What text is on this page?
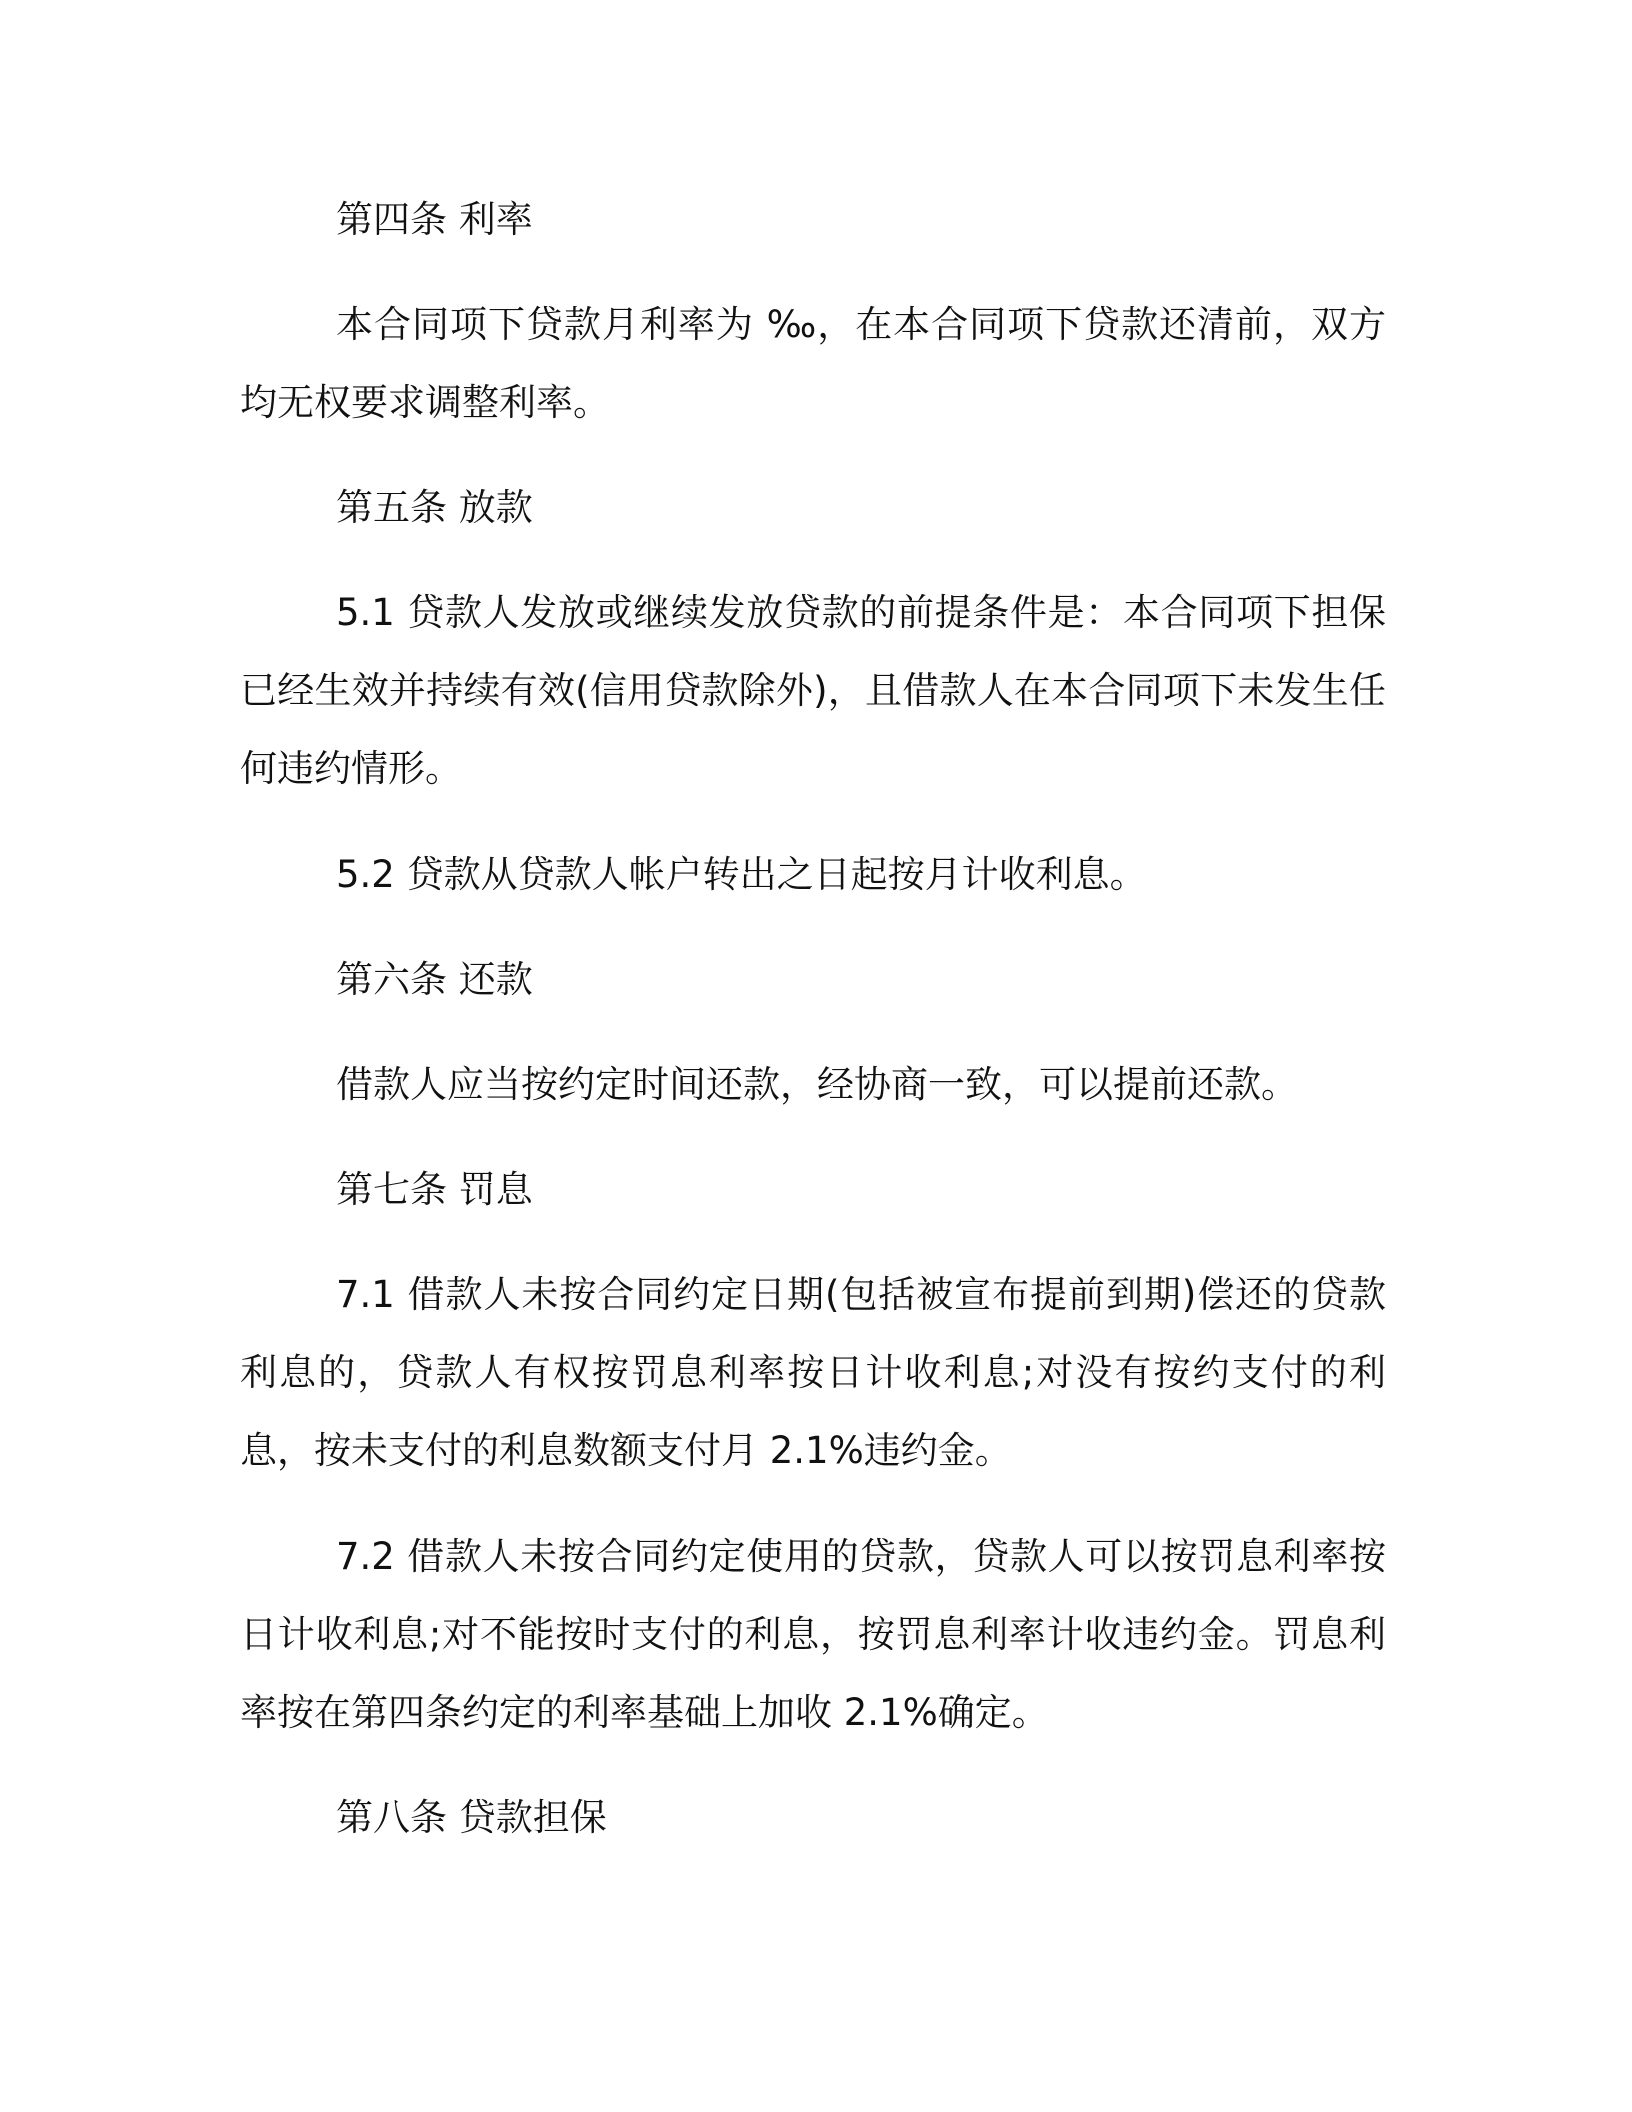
第四条 利率
本合同项下贷款月利率为 ‰，在本合同项下贷款还清前，双方均无权要求调整利率。
第五条 放款
5.1 贷款人发放或继续发放贷款的前提条件是：本合同项下担保已经生效并持续有效(信用贷款除外)，且借款人在本合同项下未发生任何违约情形。
5.2 贷款从贷款人帐户转出之日起按月计收利息。
第六条 还款
借款人应当按约定时间还款，经协商一致，可以提前还款。
第七条 罚息
7.1 借款人未按合同约定日期(包括被宣布提前到期)偿还的贷款利息的，贷款人有权按罚息利率按日计收利息;对没有按约支付的利息，按未支付的利息数额支付月 2.1%违约金。
7.2 借款人未按合同约定使用的贷款，贷款人可以按罚息利率按日计收利息;对不能按时支付的利息，按罚息利率计收违约金。罚息利率按在第四条约定的利率基础上加收 2.1%确定。
第八条 贷款担保
